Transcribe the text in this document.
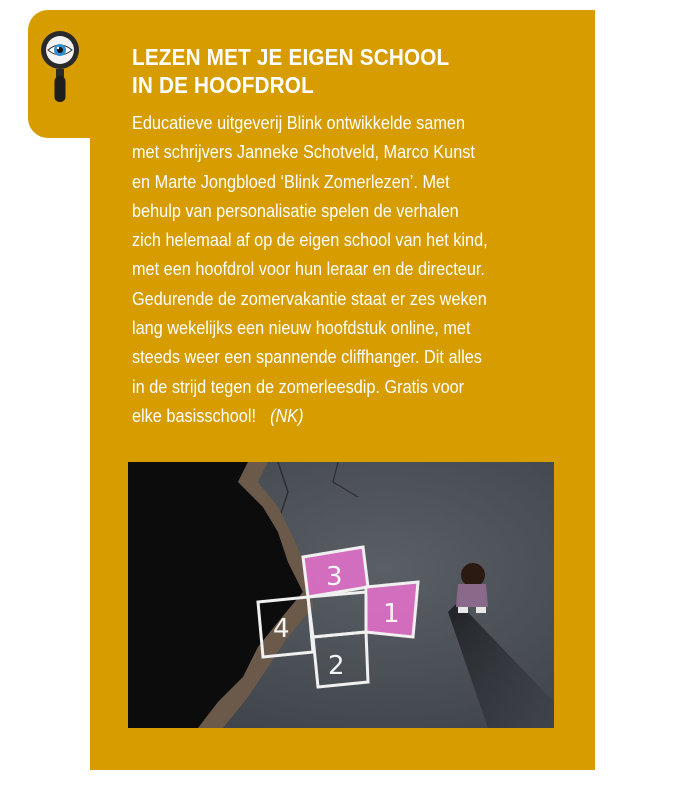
LEZEN MET JE EIGEN SCHOOL
IN DE HOOFDROL

Educatieve uitgeverij Blink ontwikkelde samen
met schrijvers Janneke Schotveld, Marco Kunst
en Marte Jongbloed ‘Blink Zomerlezen’. Met
behulp van personalisatie spelen de verhalen
zich helemaal af op de eigen school van het kind,
met een hoofdrol voor hun leraar en de directeur.
Gedurende de zomervakantie staat er zes weken
lang wekelijks een nieuw hoofdstuk online, met
steeds weer een spannende cliffhanger. Dit alles
in de strijd tegen de zomerleesdip. Gratis voor
elke basisschool! (NK)

4
3
2
1
